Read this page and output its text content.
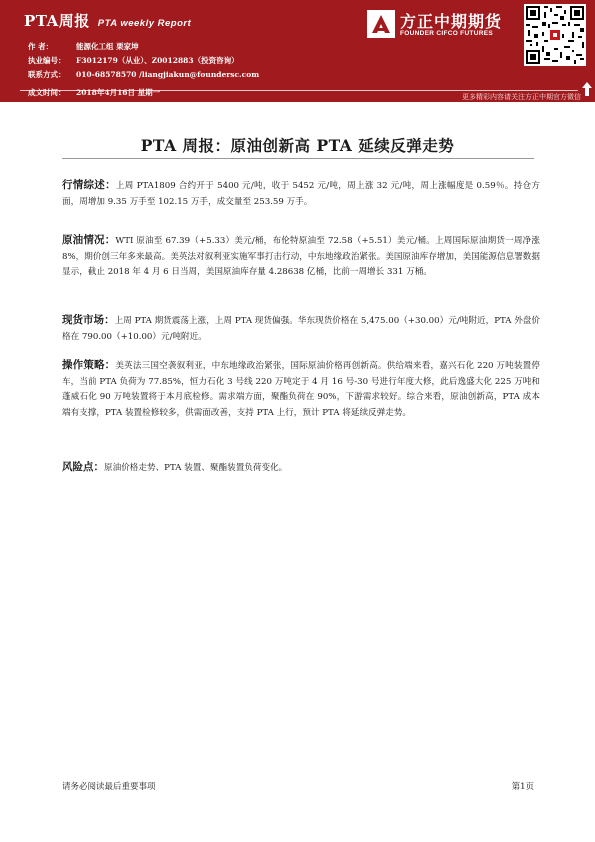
PTA周报 PTA weekly Report
作 者：	能源化工组 栗家坤
执业编号： F3012179（从业）、Z0012883（投资咨询）
联系方式： 010-68578570 /liangjiakun@foundersc.com
成文时间： 2018年4月16日 星期一
方正中期期货
FOUNDER CIFCO FUTURES
更多精彩内容请关注方正中期官方微信
PTA 周报：原油创新高 PTA 延续反弹走势
行情综述：上周 PTA1809 合约开于 5400 元/吨，收于 5452 元/吨，周上涨 32 元/吨，周上涨幅度是 0.59％。持仓方面，周增加 9.35 万手至 102.15 万手，成交量至 253.59 万手。
原油情况：WTI 原油至 67.39（+5.33）美元/桶，布伦特原油至 72.58（+5.51）美元/桶。上周国际原油期货一周净涨 8%，期价创三年多来最高。美英法对叙利亚实施军事打击行动，中东地缘政治紧张。美国原油库存增加，美国能源信息署数据显示，截止 2018 年 4 月 6 日当周，美国原油库存量 4.28638 亿桶，比前一周增长 331 万桶。
现货市场：上周 PTA 期货震荡上涨，上周 PTA 现货偏强。华东现货价格在 5,475.00（+30.00）元/吨附近，PTA 外盘价格在 790.00（+10.00）元/吨附近。
操作策略：美英法三国空袭叙利亚，中东地缘政治紧张，国际原油价格再创新高。供给端来看，嘉兴石化 220 万吨装置停车，当前 PTA 负荷为 77.85%，恒力石化 3 号线 220 万吨定于 4 月 16 号-30 号进行年度大修，此后逸盛大化 225 万吨和蓬威石化 90 万吨装置将于本月底检修。需求端方面，聚酯负荷在 90%，下游需求较好。综合来看，原油创新高，PTA 成本端有支撑，PTA 装置检修较多，供需面改善，支持 PTA 上行，预计 PTA 将延续反弹走势。
风险点：原油价格走势、PTA 装置、聚酯装置负荷变化。
请务必阅读最后重要事项	第1页
